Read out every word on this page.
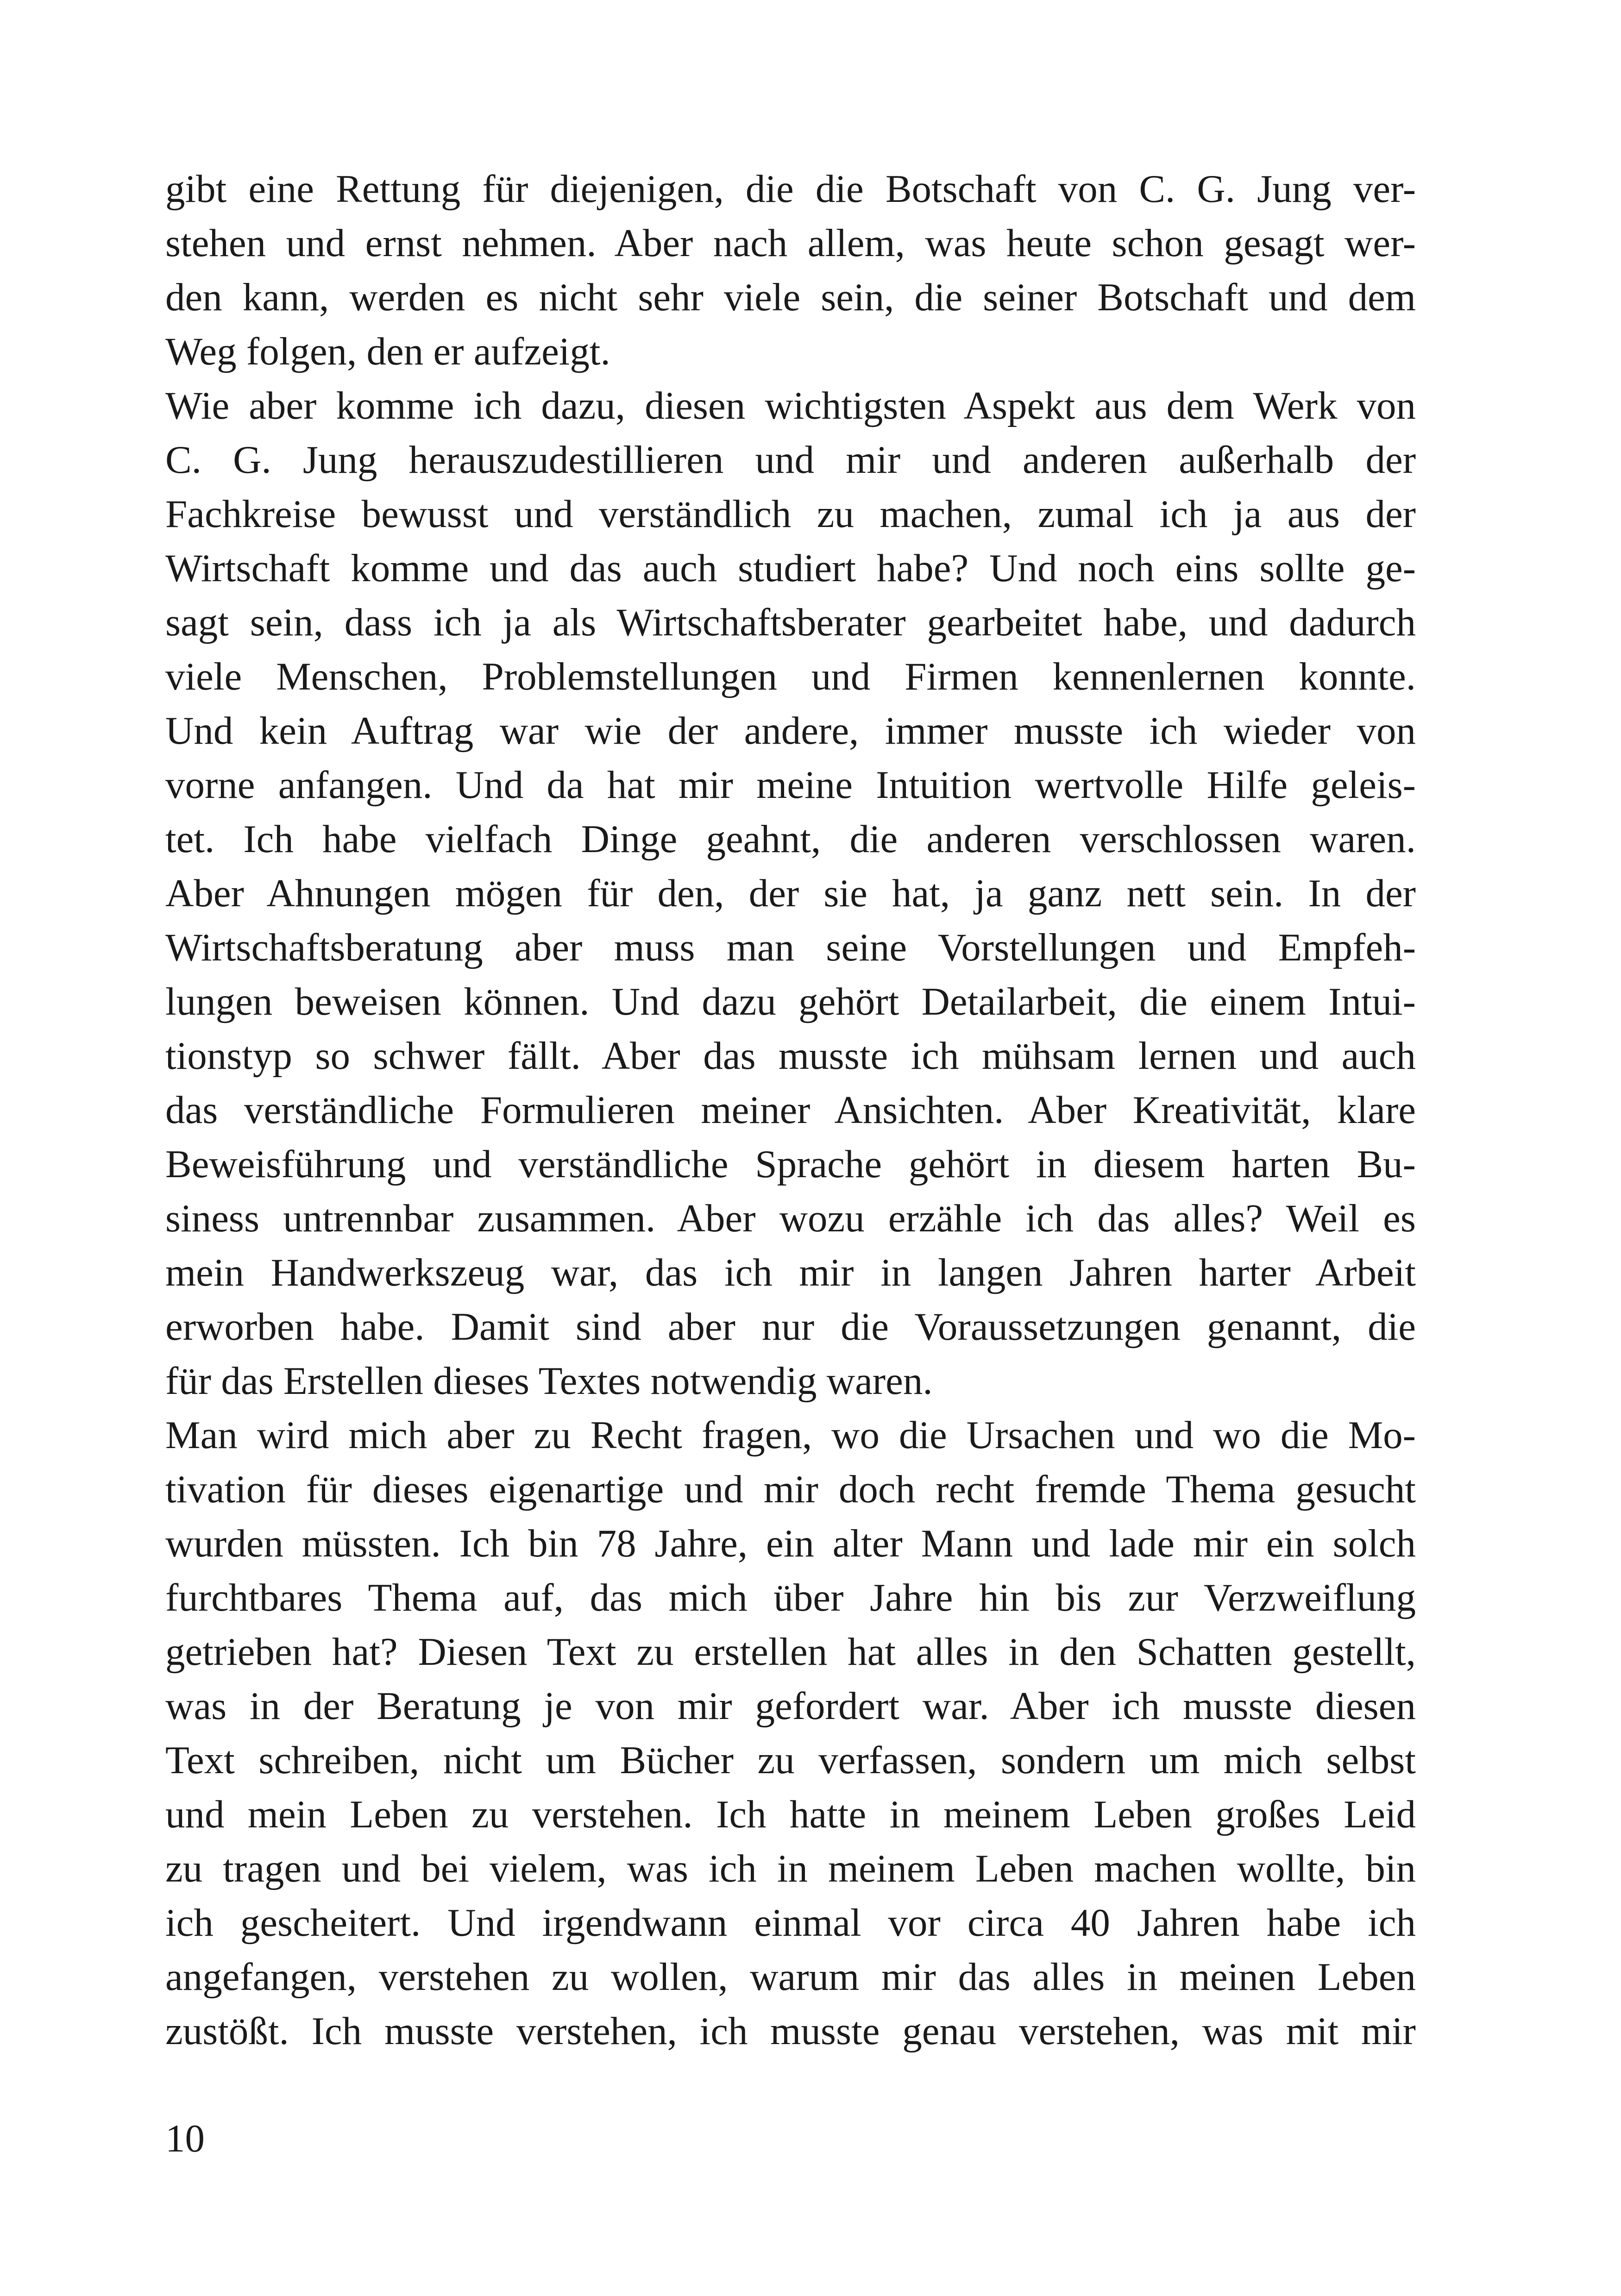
gibt eine Rettung für diejenigen, die die Botschaft von C. G. Jung ver-
stehen und ernst nehmen. Aber nach allem, was heute schon gesagt wer-
den kann, werden es nicht sehr viele sein, die seiner Botschaft und dem
Weg folgen, den er aufzeigt.
Wie aber komme ich dazu, diesen wichtigsten Aspekt aus dem Werk von
C. G. Jung herauszudestillieren und mir und anderen außerhalb der
Fachkreise bewusst und verständlich zu machen, zumal ich ja aus der
Wirtschaft komme und das auch studiert habe? Und noch eins sollte ge-
sagt sein, dass ich ja als Wirtschaftsberater gearbeitet habe, und dadurch
viele Menschen, Problemstellungen und Firmen kennenlernen konnte.
Und kein Auftrag war wie der andere, immer musste ich wieder von
vorne anfangen. Und da hat mir meine Intuition wertvolle Hilfe geleis-
tet. Ich habe vielfach Dinge geahnt, die anderen verschlossen waren.
Aber Ahnungen mögen für den, der sie hat, ja ganz nett sein. In der
Wirtschaftsberatung aber muss man seine Vorstellungen und Empfeh-
lungen beweisen können. Und dazu gehört Detailarbeit, die einem Intui-
tionstyp so schwer fällt. Aber das musste ich mühsam lernen und auch
das verständliche Formulieren meiner Ansichten. Aber Kreativität, klare
Beweisführung und verständliche Sprache gehört in diesem harten Bu-
siness untrennbar zusammen. Aber wozu erzähle ich das alles? Weil es
mein Handwerkszeug war, das ich mir in langen Jahren harter Arbeit
erworben habe. Damit sind aber nur die Voraussetzungen genannt, die
für das Erstellen dieses Textes notwendig waren.
Man wird mich aber zu Recht fragen, wo die Ursachen und wo die Mo-
tivation für dieses eigenartige und mir doch recht fremde Thema gesucht
wurden müssten. Ich bin 78 Jahre, ein alter Mann und lade mir ein solch
furchtbares Thema auf, das mich über Jahre hin bis zur Verzweiflung
getrieben hat? Diesen Text zu erstellen hat alles in den Schatten gestellt,
was in der Beratung je von mir gefordert war. Aber ich musste diesen
Text schreiben, nicht um Bücher zu verfassen, sondern um mich selbst
und mein Leben zu verstehen. Ich hatte in meinem Leben großes Leid
zu tragen und bei vielem, was ich in meinem Leben machen wollte, bin
ich gescheitert. Und irgendwann einmal vor circa 40 Jahren habe ich
angefangen, verstehen zu wollen, warum mir das alles in meinen Leben
zustößt. Ich musste verstehen, ich musste genau verstehen, was mit mir
10
